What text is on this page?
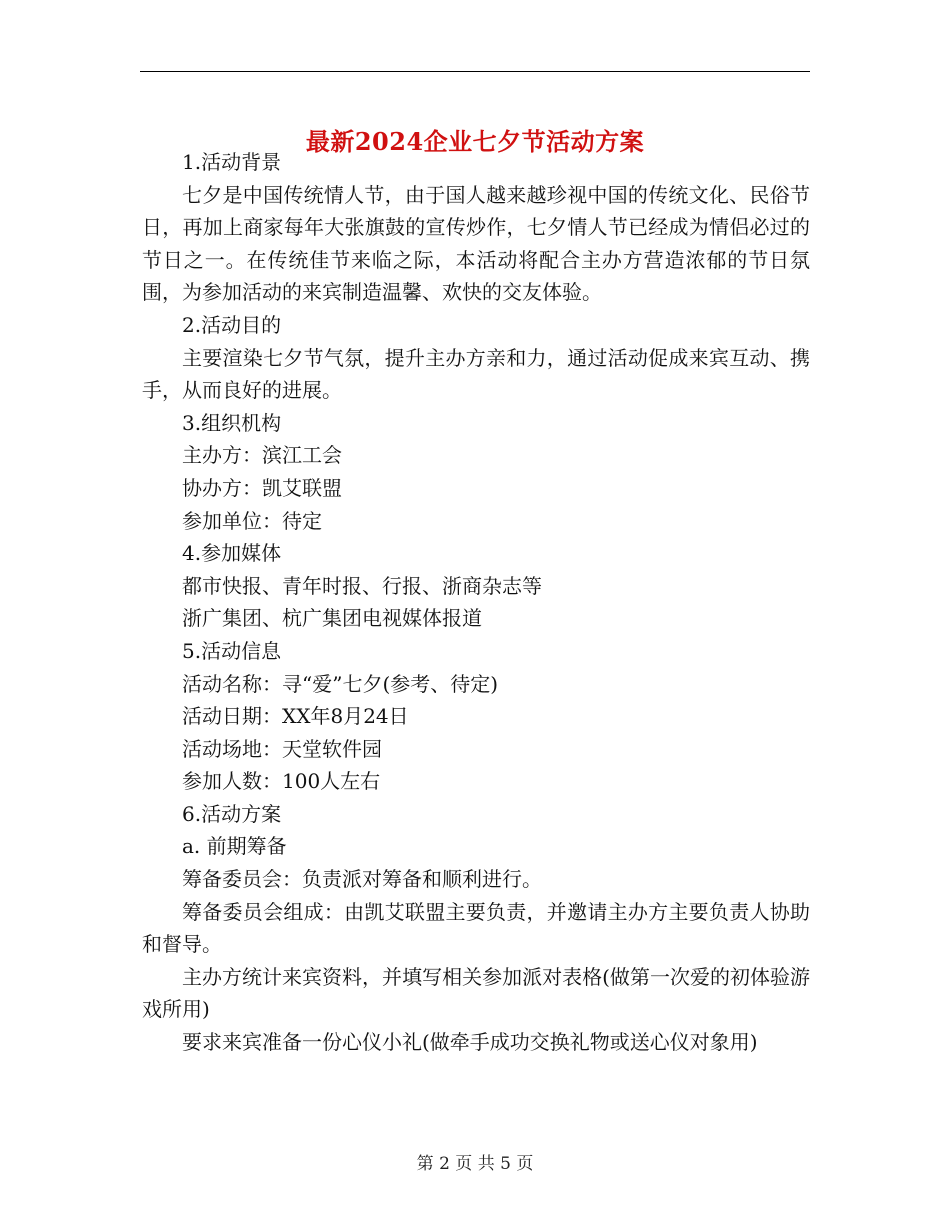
最新2024企业七夕节活动方案

1.活动背景

七夕是中国传统情人节，由于国人越来越珍视中国的传统文化、民俗节日，再加上商家每年大张旗鼓的宣传炒作，七夕情人节已经成为情侣必过的节日之一。在传统佳节来临之际，本活动将配合主办方营造浓郁的节日氛围，为参加活动的来宾制造温馨、欢快的交友体验。

2.活动目的

主要渲染七夕节气氛，提升主办方亲和力，通过活动促成来宾互动、携手，从而良好的进展。

3.组织机构

主办方：滨江工会

协办方：凯艾联盟

参加单位：待定

4.参加媒体

都市快报、青年时报、行报、浙商杂志等

浙广集团、杭广集团电视媒体报道

5.活动信息

活动名称：寻“爱”七夕(参考、待定)

活动日期：XX年8月24日

活动场地：天堂软件园

参加人数：100人左右

6.活动方案

a. 前期筹备

筹备委员会：负责派对筹备和顺利进行。

筹备委员会组成：由凯艾联盟主要负责，并邀请主办方主要负责人协助和督导。

主办方统计来宾资料，并填写相关参加派对表格(做第一次爱的初体验游戏所用)

要求来宾准备一份心仪小礼(做牵手成功交换礼物或送心仪对象用)

第 2 页 共 5 页
